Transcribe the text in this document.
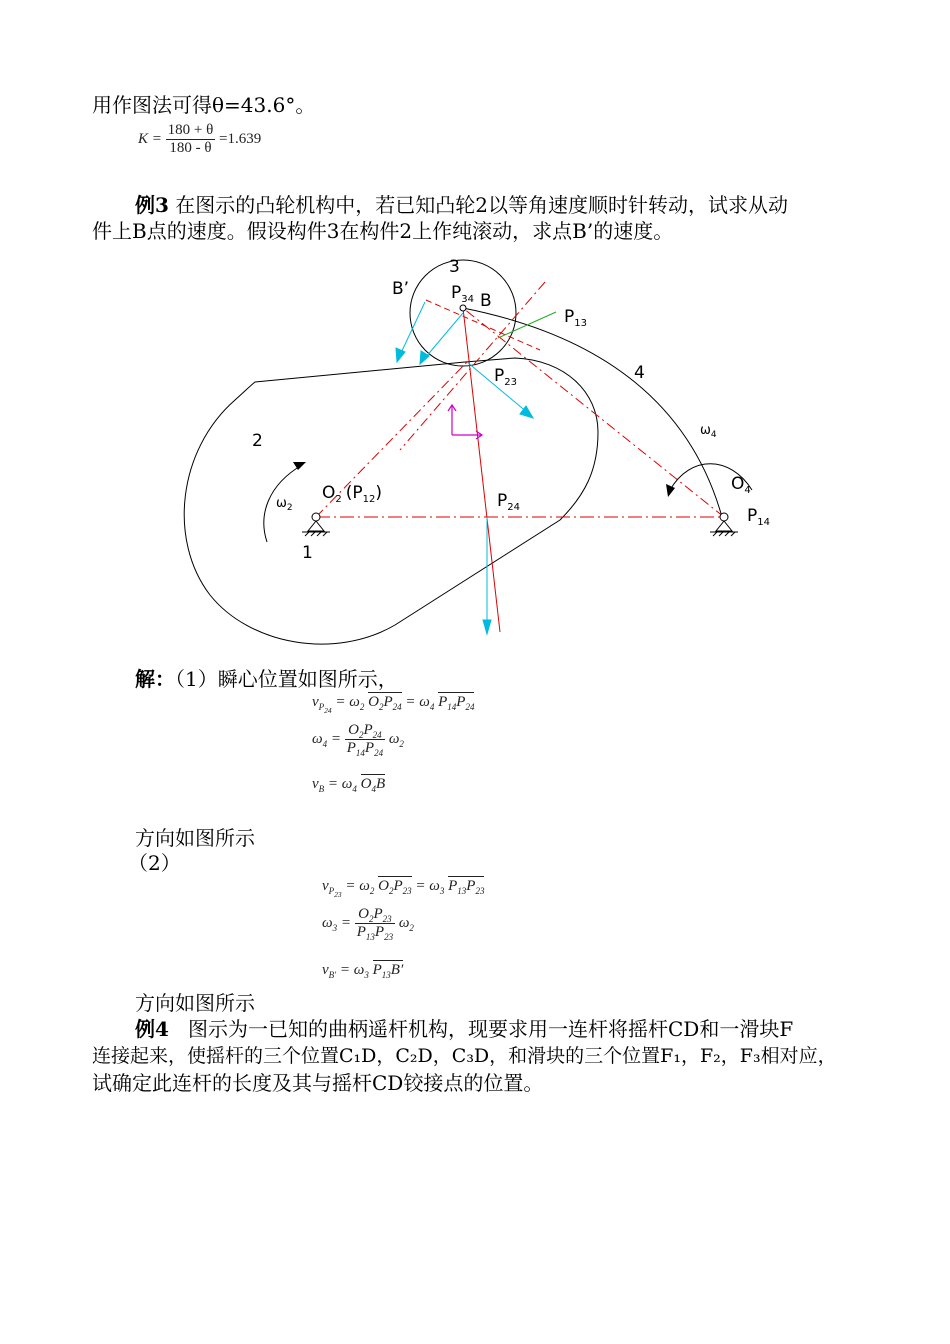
用作图法可得θ=43.6°。
$K = \frac{180 + \theta}{180 - \theta} =1.639$
例3 在图示的凸轮机构中，若已知凸轮2以等角速度顺时针转动，试求从动
件上B点的速度。假设构件3在构件2上作纯滚动，求点B’的速度。
3
B’ $P_{34}$ B
$P_{13}$
4
$P_{23}$
2
$\omega_4$
$O_2$ $(P_{12})$
$\omega_2$	$P_{24}$
$O_4$
$P_{14}$
1
解：（1）瞬心位置如图所示，
$v_{P_{24}} = \omega_2$ $O_2P_{24} = \omega_4$ $P_{14}P_{24}$
$\omega_4 = \frac{O_2P_{24}}{P_{14}P_{24}} \omega_2$
$v_B = \omega_4$ $O_4B$
方向如图所示
（2）
$v_{P_{23}} = \omega_2$ $O_2P_{23} = \omega_3$ $P_{13}P_{23}$
$\omega_3 = \frac{O_2P_{23}}{P_{13}P_{23}} \omega_2$
$v_{B'} = \omega_3$ $P_{13}B'$
方向如图所示
例4 图示为一已知的曲柄遥杆机构，现要求用一连杆将摇杆CD和一滑块F
连接起来，使摇杆的三个位置C₁D，C₂D，C₃D，和滑块的三个位置F₁，F₂，F₃相对应，
试确定此连杆的长度及其与摇杆CD铰接点的位置。
